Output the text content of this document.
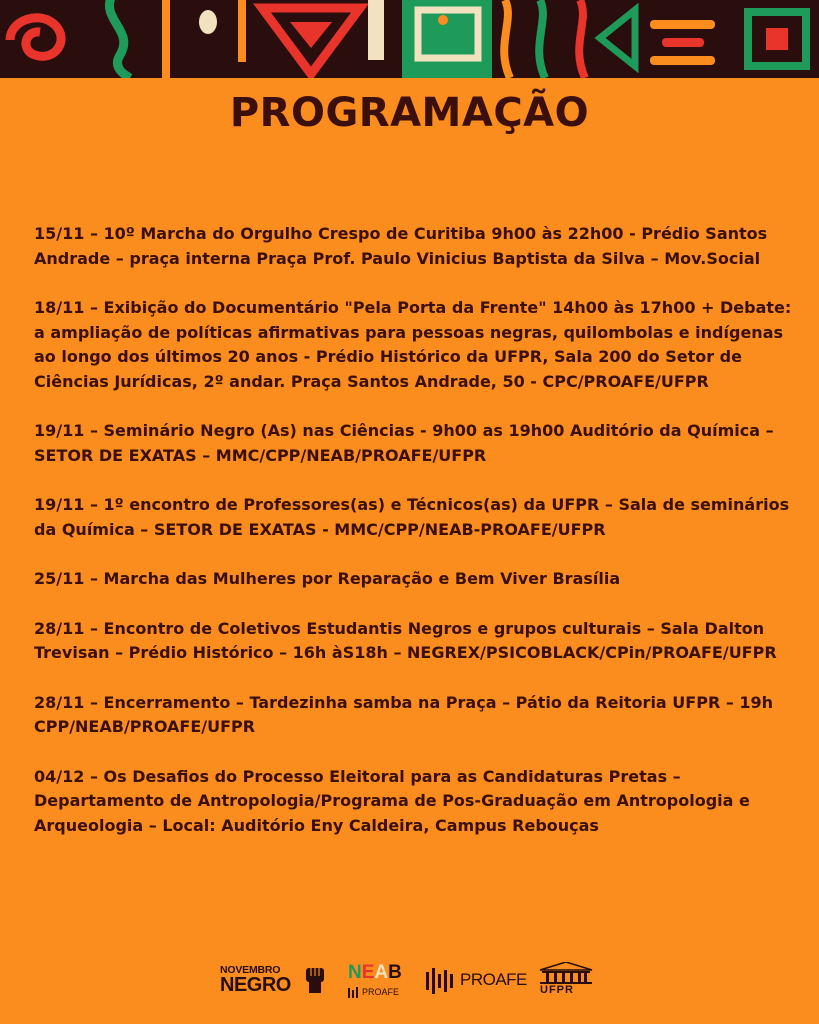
PROGRAMAÇÃO
15/11 – 10º Marcha do Orgulho Crespo de Curitiba 9h00 às 22h00 - Prédio Santos Andrade – praça interna Praça Prof. Paulo Vinicius Baptista da Silva – Mov.Social
18/11 – Exibição do Documentário "Pela Porta da Frente" 14h00 às 17h00 + Debate: a ampliação de políticas afirmativas para pessoas negras, quilombolas e indígenas ao longo dos últimos 20 anos - Prédio Histórico da UFPR, Sala 200 do Setor de Ciências Jurídicas, 2º andar. Praça Santos Andrade, 50 - CPC/PROAFE/UFPR
19/11 – Seminário Negro (As) nas Ciências - 9h00 as 19h00 Auditório da Química – SETOR DE EXATAS – MMC/CPP/NEAB/PROAFE/UFPR
19/11 – 1º encontro de Professores(as) e Técnicos(as) da UFPR – Sala de seminários da Química – SETOR DE EXATAS - MMC/CPP/NEAB-PROAFE/UFPR
25/11 – Marcha das Mulheres por Reparação e Bem Viver Brasília
28/11 – Encontro de Coletivos Estudantis Negros e grupos culturais – Sala Dalton Trevisan – Prédio Histórico – 16h àS18h – NEGREX/PSICOBLACK/CPin/PROAFE/UFPR
28/11 – Encerramento – Tardezinha samba na Praça – Pátio da Reitoria UFPR – 19h CPP/NEAB/PROAFE/UFPR
04/12 – Os Desafios do Processo Eleitoral para as Candidaturas Pretas – Departamento de Antropologia/Programa de Pos-Graduação em Antropologia e Arqueologia – Local: Auditório Eny Caldeira, Campus Rebouças
NOVEMBRO
NEGRO
NEAB
PROAFE
PROAFE
UFPR
